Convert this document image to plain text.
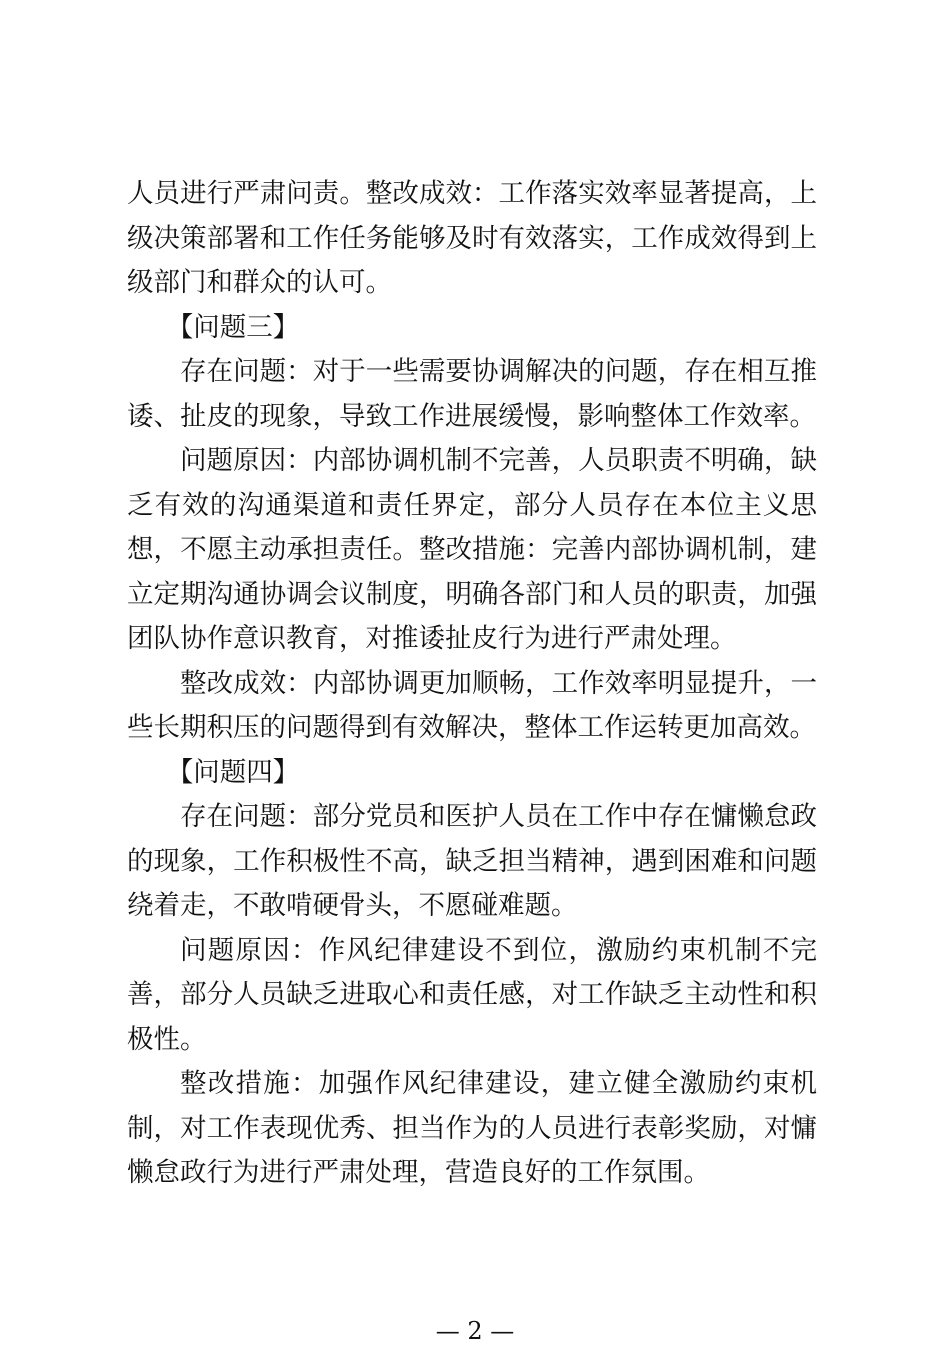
人员进行严肃问责。整改成效：工作落实效率显著提高，上级决策部署和工作任务能够及时有效落实，工作成效得到上级部门和群众的认可。

【问题三】

存在问题：对于一些需要协调解决的问题，存在相互推诿、扯皮的现象，导致工作进展缓慢，影响整体工作效率。

问题原因：内部协调机制不完善，人员职责不明确，缺乏有效的沟通渠道和责任界定，部分人员存在本位主义思想，不愿主动承担责任。整改措施：完善内部协调机制，建立定期沟通协调会议制度，明确各部门和人员的职责，加强团队协作意识教育，对推诿扯皮行为进行严肃处理。

整改成效：内部协调更加顺畅，工作效率明显提升，一些长期积压的问题得到有效解决，整体工作运转更加高效。

【问题四】

存在问题：部分党员和医护人员在工作中存在慵懒怠政的现象，工作积极性不高，缺乏担当精神，遇到困难和问题绕着走，不敢啃硬骨头，不愿碰难题。

问题原因：作风纪律建设不到位，激励约束机制不完善，部分人员缺乏进取心和责任感，对工作缺乏主动性和积极性。

整改措施：加强作风纪律建设，建立健全激励约束机制，对工作表现优秀、担当作为的人员进行表彰奖励，对慵懒怠政行为进行严肃处理，营造良好的工作氛围。

— 2 —
